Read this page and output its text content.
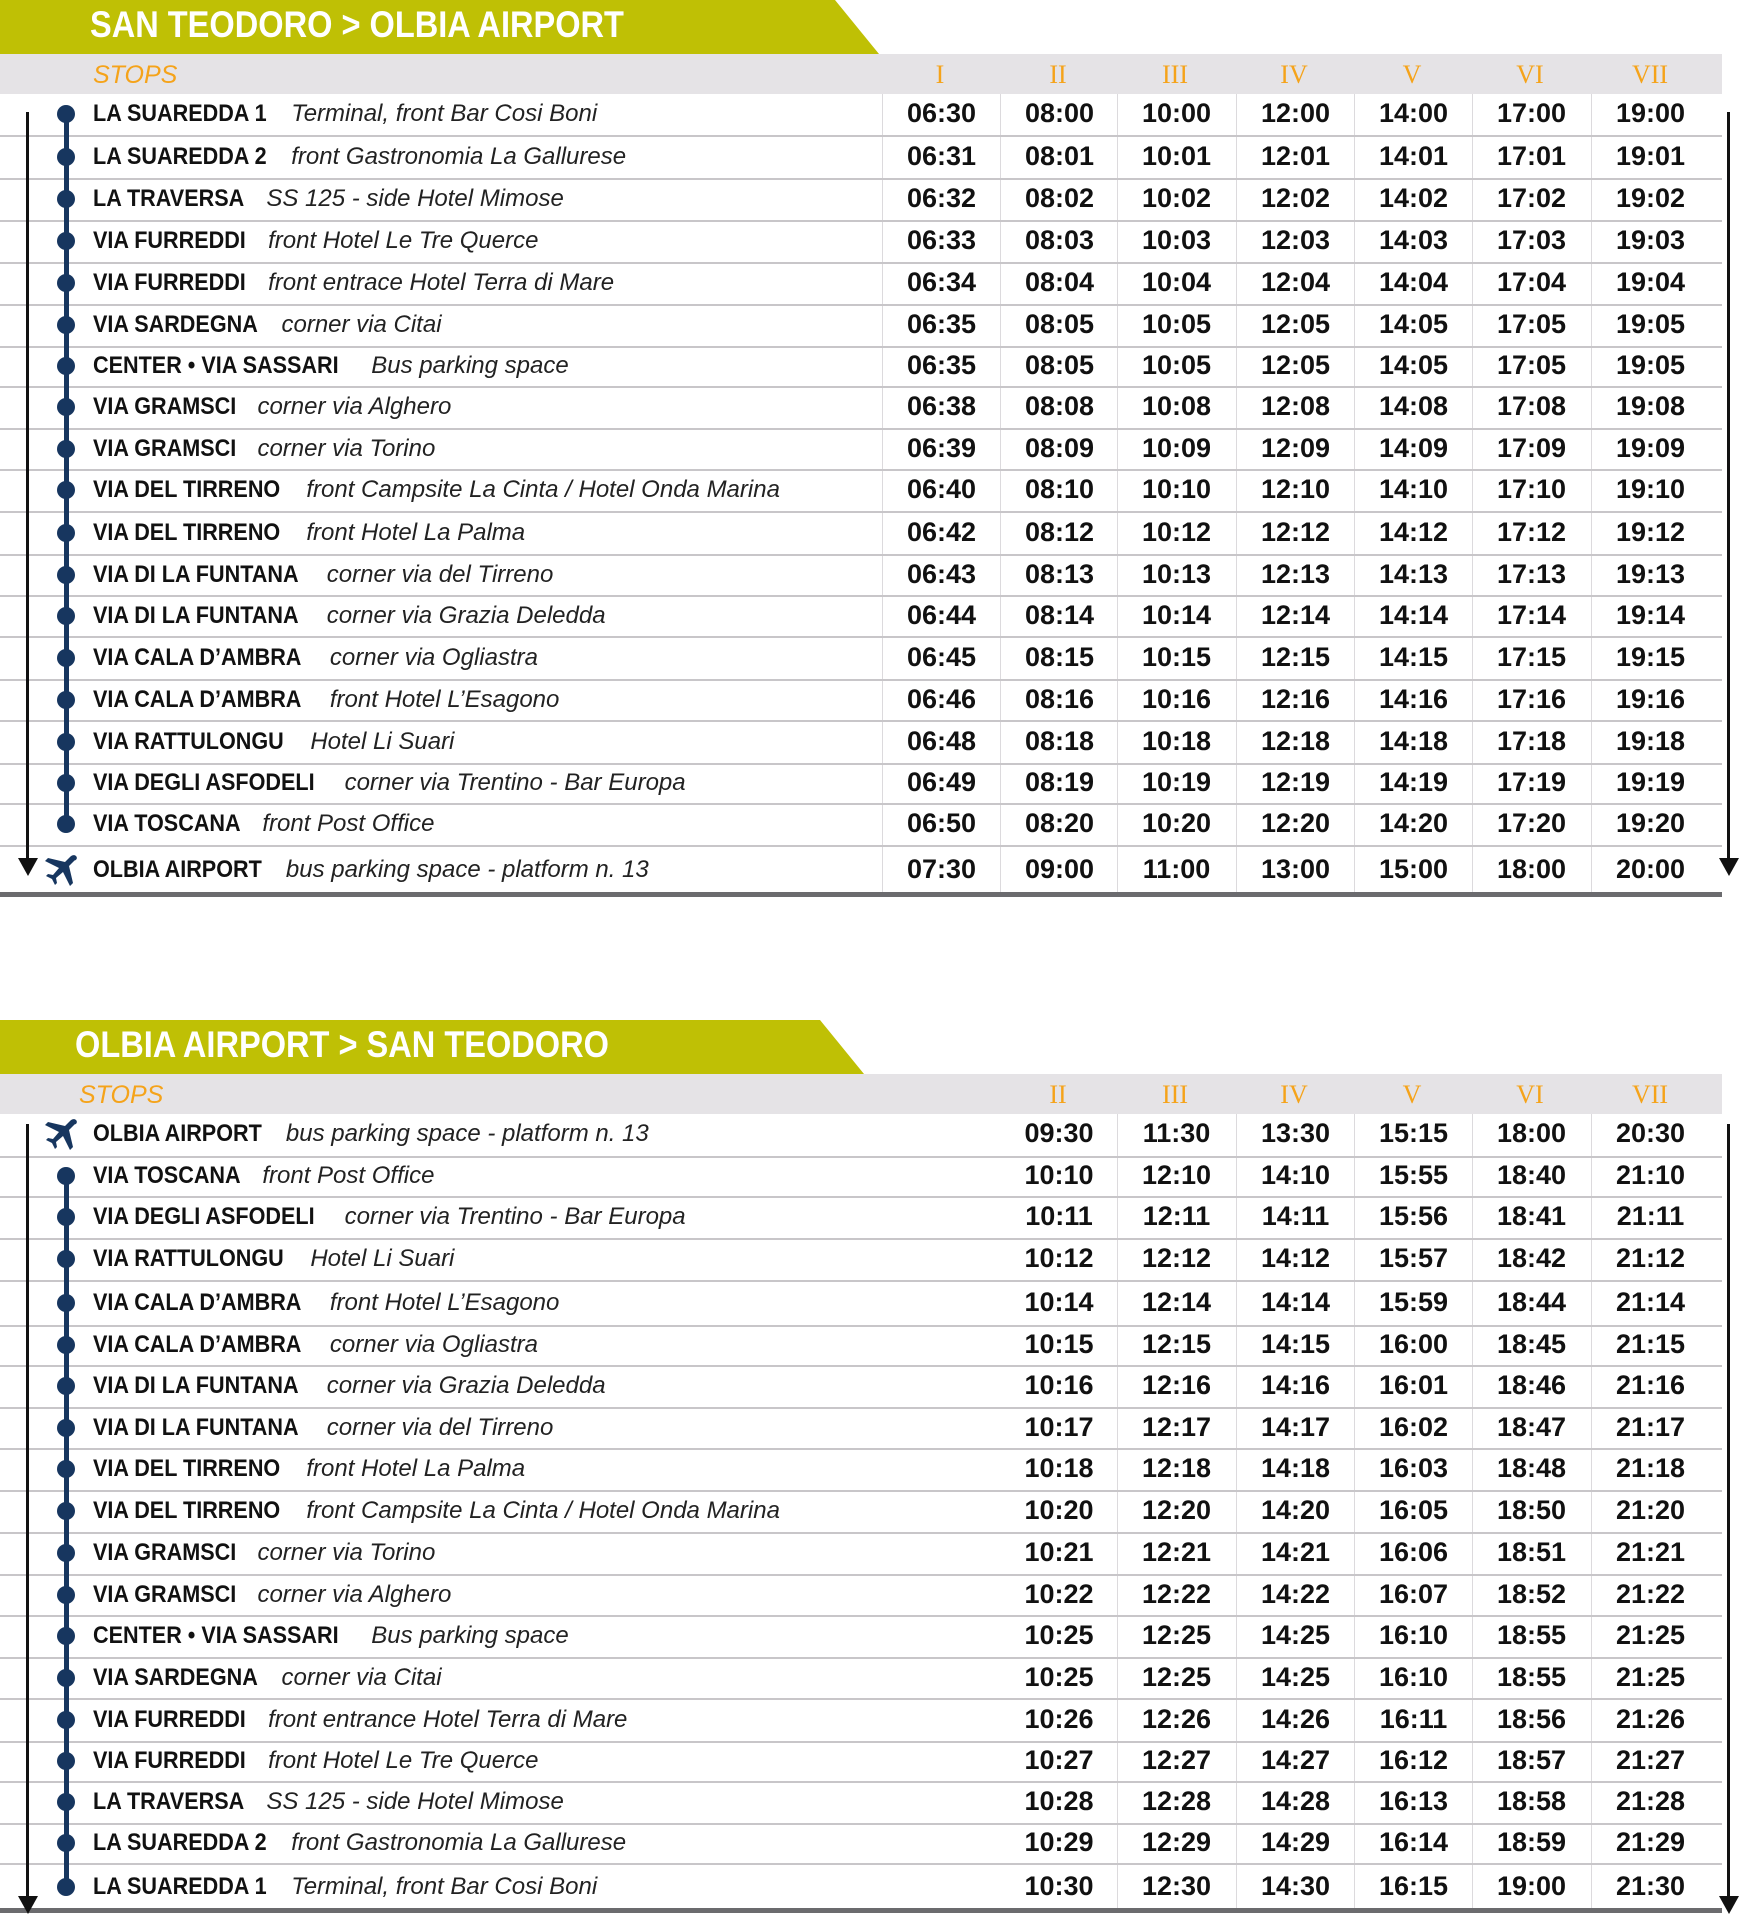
SAN TEODORO > OLBIA AIRPORT
STOPS	I	II	III	IV	V	VI	VII
LA SUAREDDA 1  Terminal, front Bar Cosi Boni	06:30	08:00	10:00	12:00	14:00	17:00	19:00
LA SUAREDDA 2  front Gastronomia La Gallurese	06:31	08:01	10:01	12:01	14:01	17:01	19:01
LA TRAVERSA  SS 125 - side Hotel Mimose	06:32	08:02	10:02	12:02	14:02	17:02	19:02
VIA FURREDDI  front Hotel Le Tre Querce	06:33	08:03	10:03	12:03	14:03	17:03	19:03
VIA FURREDDI  front entrace Hotel Terra di Mare	06:34	08:04	10:04	12:04	14:04	17:04	19:04
VIA SARDEGNA  corner via Citai	06:35	08:05	10:05	12:05	14:05	17:05	19:05
CENTER • VIA SASSARI  Bus parking space	06:35	08:05	10:05	12:05	14:05	17:05	19:05
VIA GRAMSCI  corner via Alghero	06:38	08:08	10:08	12:08	14:08	17:08	19:08
VIA GRAMSCI  corner via Torino	06:39	08:09	10:09	12:09	14:09	17:09	19:09
VIA DEL TIRRENO  front Campsite La Cinta / Hotel Onda Marina	06:40	08:10	10:10	12:10	14:10	17:10	19:10
VIA DEL TIRRENO  front Hotel La Palma	06:42	08:12	10:12	12:12	14:12	17:12	19:12
VIA DI LA FUNTANA  corner via del Tirreno	06:43	08:13	10:13	12:13	14:13	17:13	19:13
VIA DI LA FUNTANA  corner via Grazia Deledda	06:44	08:14	10:14	12:14	14:14	17:14	19:14
VIA CALA D’AMBRA  corner via Ogliastra	06:45	08:15	10:15	12:15	14:15	17:15	19:15
VIA CALA D’AMBRA  front Hotel L’Esagono	06:46	08:16	10:16	12:16	14:16	17:16	19:16
VIA RATTULONGU  Hotel Li Suari	06:48	08:18	10:18	12:18	14:18	17:18	19:18
VIA DEGLI ASFODELI  corner via Trentino - Bar Europa	06:49	08:19	10:19	12:19	14:19	17:19	19:19
VIA TOSCANA  front Post Office	06:50	08:20	10:20	12:20	14:20	17:20	19:20
OLBIA AIRPORT  bus parking space - platform n. 13	07:30	09:00	11:00	13:00	15:00	18:00	20:00
OLBIA AIRPORT > SAN TEODORO
STOPS	II	III	IV	V	VI	VII
OLBIA AIRPORT  bus parking space - platform n. 13	09:30	11:30	13:30	15:15	18:00	20:30
VIA TOSCANA  front Post Office	10:10	12:10	14:10	15:55	18:40	21:10
VIA DEGLI ASFODELI  corner via Trentino - Bar Europa	10:11	12:11	14:11	15:56	18:41	21:11
VIA RATTULONGU  Hotel Li Suari	10:12	12:12	14:12	15:57	18:42	21:12
VIA CALA D’AMBRA  front Hotel L’Esagono	10:14	12:14	14:14	15:59	18:44	21:14
VIA CALA D’AMBRA  corner via Ogliastra	10:15	12:15	14:15	16:00	18:45	21:15
VIA DI LA FUNTANA  corner via Grazia Deledda	10:16	12:16	14:16	16:01	18:46	21:16
VIA DI LA FUNTANA  corner via del Tirreno	10:17	12:17	14:17	16:02	18:47	21:17
VIA DEL TIRRENO  front Hotel La Palma	10:18	12:18	14:18	16:03	18:48	21:18
VIA DEL TIRRENO  front Campsite La Cinta / Hotel Onda Marina	10:20	12:20	14:20	16:05	18:50	21:20
VIA GRAMSCI  corner via Torino	10:21	12:21	14:21	16:06	18:51	21:21
VIA GRAMSCI  corner via Alghero	10:22	12:22	14:22	16:07	18:52	21:22
CENTER • VIA SASSARI  Bus parking space	10:25	12:25	14:25	16:10	18:55	21:25
VIA SARDEGNA  corner via Citai	10:25	12:25	14:25	16:10	18:55	21:25
VIA FURREDDI  front entrance Hotel Terra di Mare	10:26	12:26	14:26	16:11	18:56	21:26
VIA FURREDDI  front Hotel Le Tre Querce	10:27	12:27	14:27	16:12	18:57	21:27
LA TRAVERSA  SS 125 - side Hotel Mimose	10:28	12:28	14:28	16:13	18:58	21:28
LA SUAREDDA 2  front Gastronomia La Gallurese	10:29	12:29	14:29	16:14	18:59	21:29
LA SUAREDDA 1  Terminal, front Bar Cosi Boni	10:30	12:30	14:30	16:15	19:00	21:30
